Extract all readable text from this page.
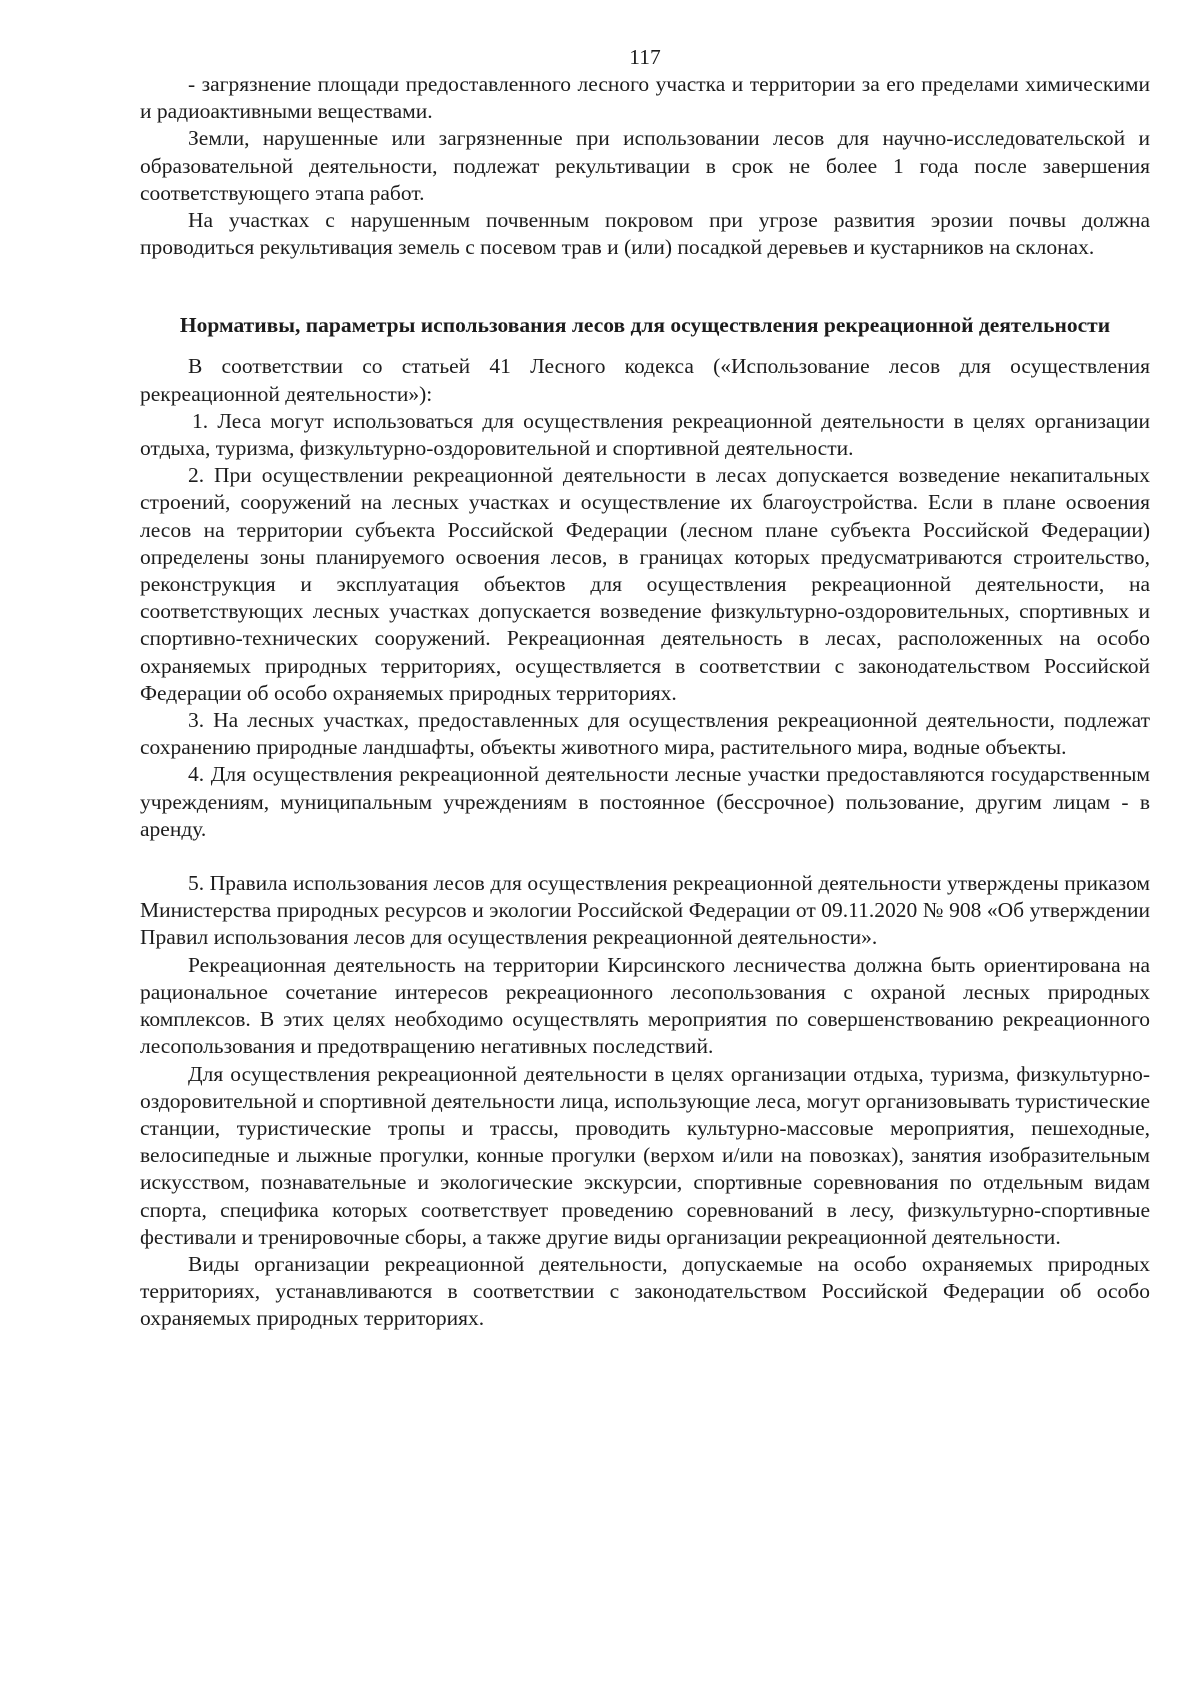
117

- загрязнение площади предоставленного лесного участка и территории за его пределами химическими и радиоактивными веществами.

Земли, нарушенные или загрязненные при использовании лесов для научно-исследовательской и образовательной деятельности, подлежат рекультивации в срок не более 1 года после завершения соответствующего этапа работ.

На участках с нарушенным почвенным покровом при угрозе развития эрозии почвы должна проводиться рекультивация земель с посевом трав и (или) посадкой деревьев и кустарников на склонах.

Нормативы, параметры использования лесов для осуществления рекреационной деятельности

В соответствии со статьей 41 Лесного кодекса («Использование лесов для осуществления рекреационной деятельности»):

1. Леса могут использоваться для осуществления рекреационной деятельности в целях организации отдыха, туризма, физкультурно-оздоровительной и спортивной деятельности.

2. При осуществлении рекреационной деятельности в лесах допускается возведение некапитальных строений, сооружений на лесных участках и осуществление их благоустройства. Если в плане освоения лесов на территории субъекта Российской Федерации (лесном плане субъекта Российской Федерации) определены зоны планируемого освоения лесов, в границах которых предусматриваются строительство, реконструкция и эксплуатация объектов для осуществления рекреационной деятельности, на соответствующих лесных участках допускается возведение физкультурно-оздоровительных, спортивных и спортивно-технических сооружений. Рекреационная деятельность в лесах, расположенных на особо охраняемых природных территориях, осуществляется в соответствии с законодательством Российской Федерации об особо охраняемых природных территориях.

3. На лесных участках, предоставленных для осуществления рекреационной деятельности, подлежат сохранению природные ландшафты, объекты животного мира, растительного мира, водные объекты.

4. Для осуществления рекреационной деятельности лесные участки предоставляются государственным учреждениям, муниципальным учреждениям в постоянное (бессрочное) пользование, другим лицам - в аренду.

5. Правила использования лесов для осуществления рекреационной деятельности утверждены приказом Министерства природных ресурсов и экологии Российской Федерации от 09.11.2020 № 908 «Об утверждении Правил использования лесов для осуществления рекреационной деятельности».

Рекреационная деятельность на территории Кирсинского лесничества должна быть ориентирована на рациональное сочетание интересов рекреационного лесопользования с охраной лесных природных комплексов. В этих целях необходимо осуществлять мероприятия по совершенствованию рекреационного лесопользования и предотвращению негативных последствий.

Для осуществления рекреационной деятельности в целях организации отдыха, туризма, физкультурно-оздоровительной и спортивной деятельности лица, использующие леса, могут организовывать туристические станции, туристические тропы и трассы, проводить культурно-массовые мероприятия, пешеходные, велосипедные и лыжные прогулки, конные прогулки (верхом и/или на повозках), занятия изобразительным искусством, познавательные и экологические экскурсии, спортивные соревнования по отдельным видам спорта, специфика которых соответствует проведению соревнований в лесу, физкультурно-спортивные фестивали и тренировочные сборы, а также другие виды организации рекреационной деятельности.

Виды организации рекреационной деятельности, допускаемые на особо охраняемых природных территориях, устанавливаются в соответствии с законодательством Российской Федерации об особо охраняемых природных территориях.
